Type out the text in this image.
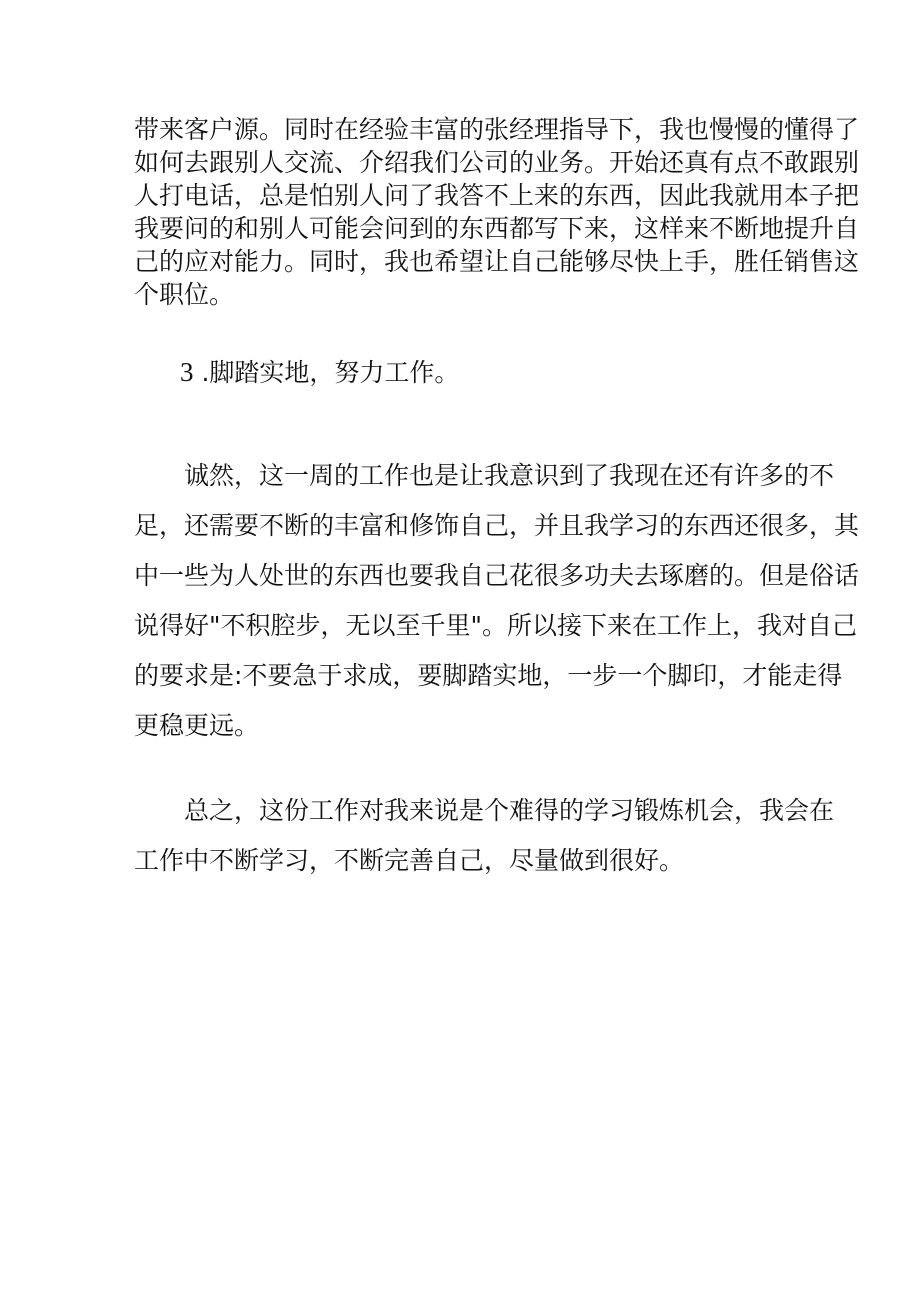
带来客户源。同时在经验丰富的张经理指导下，我也慢慢的懂得了
如何去跟别人交流、介绍我们公司的业务。开始还真有点不敢跟别
人打电话，总是怕别人问了我答不上来的东西，因此我就用本子把
我要问的和别人可能会问到的东西都写下来，这样来不断地提升自
己的应对能力。同时，我也希望让自己能够尽快上手，胜任销售这
个职位。

3 .脚踏实地，努力工作。

诚然，这一周的工作也是让我意识到了我现在还有许多的不
足，还需要不断的丰富和修饰自己，并且我学习的东西还很多，其
中一些为人处世的东西也要我自己花很多功夫去琢磨的。但是俗话
说得好"不积腔步，无以至千里"。所以接下来在工作上，我对自己
的要求是:不要急于求成，要脚踏实地，一步一个脚印，才能走得
更稳更远。

总之，这份工作对我来说是个难得的学习锻炼机会，我会在
工作中不断学习，不断完善自己，尽量做到很好。
